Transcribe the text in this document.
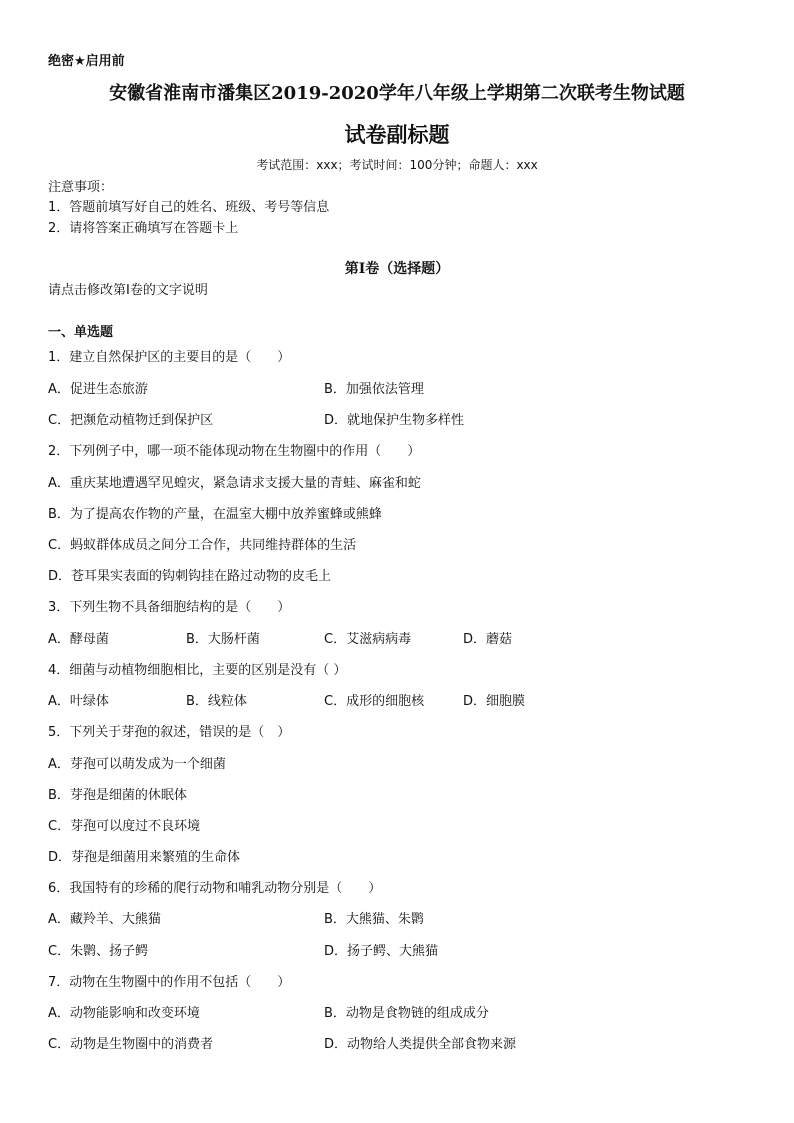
绝密★启用前
安徽省淮南市潘集区2019-2020学年八年级上学期第二次联考生物试题
试卷副标题
考试范围：xxx；考试时间：100分钟；命题人：xxx
注意事项：
1．答题前填写好自己的姓名、班级、考号等信息
2．请将答案正确填写在答题卡上
第I卷（选择题）
请点击修改第I卷的文字说明
一、单选题
1．建立自然保护区的主要目的是（　　）
A．促进生态旅游	B．加强依法管理
C．把濒危动植物迁到保护区	D．就地保护生物多样性
2．下列例子中，哪一项不能体现动物在生物圈中的作用（　　）
A．重庆某地遭遇罕见蝗灾，紧急请求支援大量的青蛙、麻雀和蛇
B．为了提高农作物的产量，在温室大棚中放养蜜蜂或熊蜂
C．蚂蚁群体成员之间分工合作，共同维持群体的生活
D．苍耳果实表面的钩刺钩挂在路过动物的皮毛上
3．下列生物不具备细胞结构的是（　　）
A．酵母菌	B．大肠杆菌	C．艾滋病病毒	D．蘑菇
4．细菌与动植物细胞相比，主要的区别是没有（ ）
A．叶绿体	B．线粒体	C．成形的细胞核	D．细胞膜
5．下列关于芽孢的叙述，错误的是（　）
A．芽孢可以萌发成为一个细菌
B．芽孢是细菌的休眠体
C．芽孢可以度过不良环境
D．芽孢是细菌用来繁殖的生命体
6．我国特有的珍稀的爬行动物和哺乳动物分别是（　　）
A．藏羚羊、大熊猫	B．大熊猫、朱鹮
C．朱鹮、扬子鳄	D．扬子鳄、大熊猫
7．动物在生物圈中的作用不包括（　　）
A．动物能影响和改变环境	B．动物是食物链的组成成分
C．动物是生物圈中的消费者	D．动物给人类提供全部食物来源
